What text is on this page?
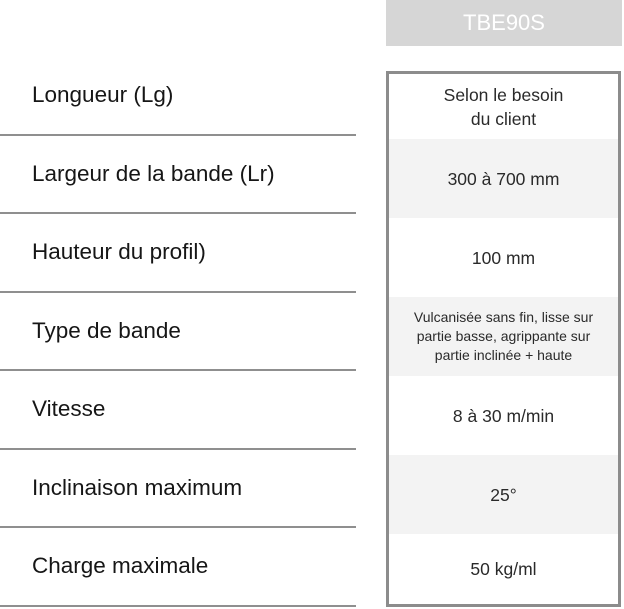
TBE90S
Longueur (Lg)
Largeur de la bande (Lr)
Hauteur du profil)
Type de bande
Vitesse
Inclinaison maximum
Charge maximale
Selon le besoin
du client
300 à 700 mm
100 mm
Vulcanisée sans fin, lisse sur
partie basse, agrippante sur
partie inclinée + haute
8 à 30 m/min
25°
50 kg/ml
